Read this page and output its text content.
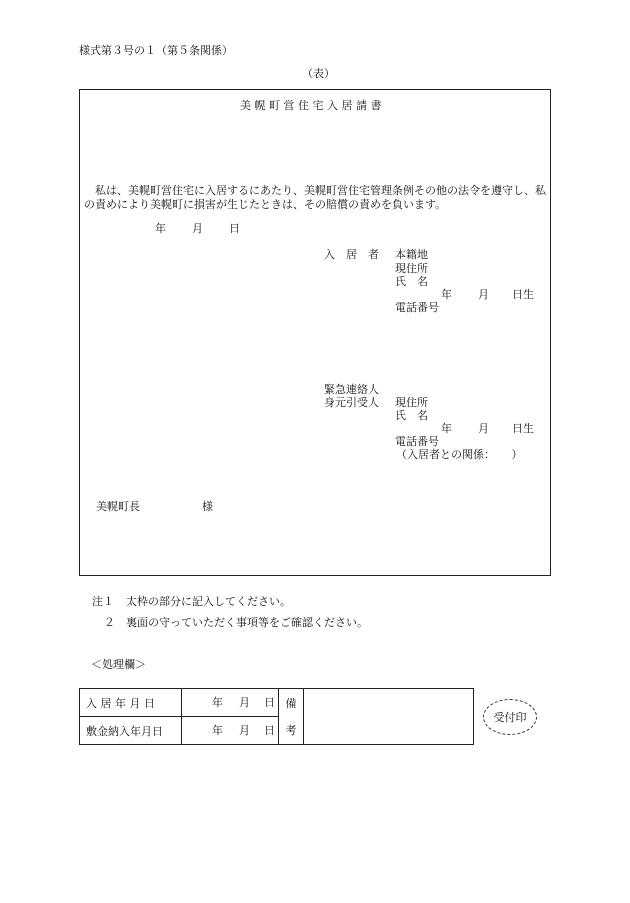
様式第３号の１（第５条関係）
（表）
美 幌 町 営 住 宅 入 居 請 書
私は、美幌町営住宅に入居するにあたり、美幌町営住宅管理条例その他の法令を遵守し、私の責めにより美幌町に損害が生じたときは、その賠償の責めを負います。
年 月 日
入　居　者 本籍地
現住所
氏　名
年 月 日生
電話番号
緊急連絡人
身元引受人 現住所
氏　名
年 月 日生
電話番号
（入居者との関係：　　）
美幌町長	様
注１ 太枠の部分に記入してください。
２ 裏面の守っていただく事項等をご確認ください。
＜処理欄＞
入 居 年 月 日	年 月 日	備	
敷金納入年月日	年 月 日	考	
受付印
